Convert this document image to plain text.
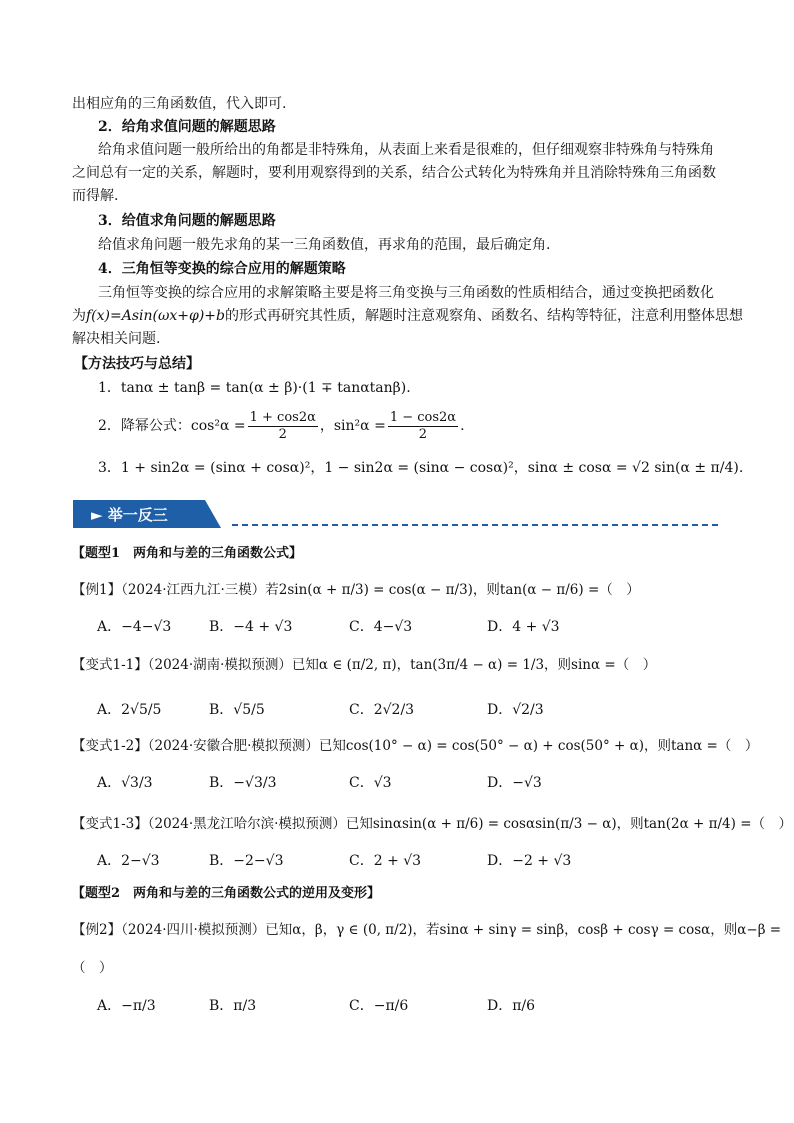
出相应角的三角函数值，代入即可.
2．给角求值问题的解题思路
给角求值问题一般所给出的角都是非特殊角，从表面上来看是很难的，但仔细观察非特殊角与特殊角
之间总有一定的关系，解题时，要利用观察得到的关系，结合公式转化为特殊角并且消除特殊角三角函数
而得解.
3．给值求角问题的解题思路
给值求角问题一般先求角的某一三角函数值，再求角的范围，最后确定角.
4．三角恒等变换的综合应用的解题策略
三角恒等变换的综合应用的求解策略主要是将三角变换与三角函数的性质相结合，通过变换把函数化
为f(x)=Asin(ωx+φ)+b的形式再研究其性质，解题时注意观察角、函数名、结构等特征，注意利用整体思想
解决相关问题.
【方法技巧与总结】
1．tanα ± tanβ = tan(α ± β)·(1 ∓ tanαtanβ).
2．降幂公式：$\cos^2\alpha = \frac{1 + \cos 2\alpha}{2}$ ，$\sin^2\alpha = \frac{1 - \cos 2\alpha}{2}$ .
3．1 + sin2α = (sinα + cosα)²，1 − sin2α = (sinα − cosα)²，sinα ± cosα = √2 sin(α ± π/4).
► 举一反三
【题型1　两角和与差的三角函数公式】
【例1】（2024·江西九江·三模）若2sin(α + π/3) = cos(α − π/3)，则tan(α − π/6) =（　）
A．−4−√3	B．−4 + √3	C．4−√3	D．4 + √3
【变式1-1】（2024·湖南·模拟预测）已知α ∈ (π/2, π)，tan(3π/4 − α) = 1/3，则sinα =（　）
A．2√5/5	B．√5/5	C．2√2/3	D．√2/3
【变式1-2】（2024·安徽合肥·模拟预测）已知cos(10° − α) = cos(50° − α) + cos(50° + α)，则tanα =（　）
A．√3/3	B．−√3/3	C．√3	D．−√3
【变式1-3】（2024·黑龙江哈尔滨·模拟预测）已知sinαsin(α + π/6) = cosαsin(π/3 − α)，则tan(2α + π/4) =（　）
A．2−√3	B．−2−√3	C．2 + √3	D．−2 + √3
【题型2　两角和与差的三角函数公式的逆用及变形】
【例2】（2024·四川·模拟预测）已知α，β，γ ∈ (0, π/2)，若sinα + sinγ = sinβ，cosβ + cosγ = cosα，则α−β =
（　）
A．−π/3	B．π/3	C．−π/6	D．π/6
